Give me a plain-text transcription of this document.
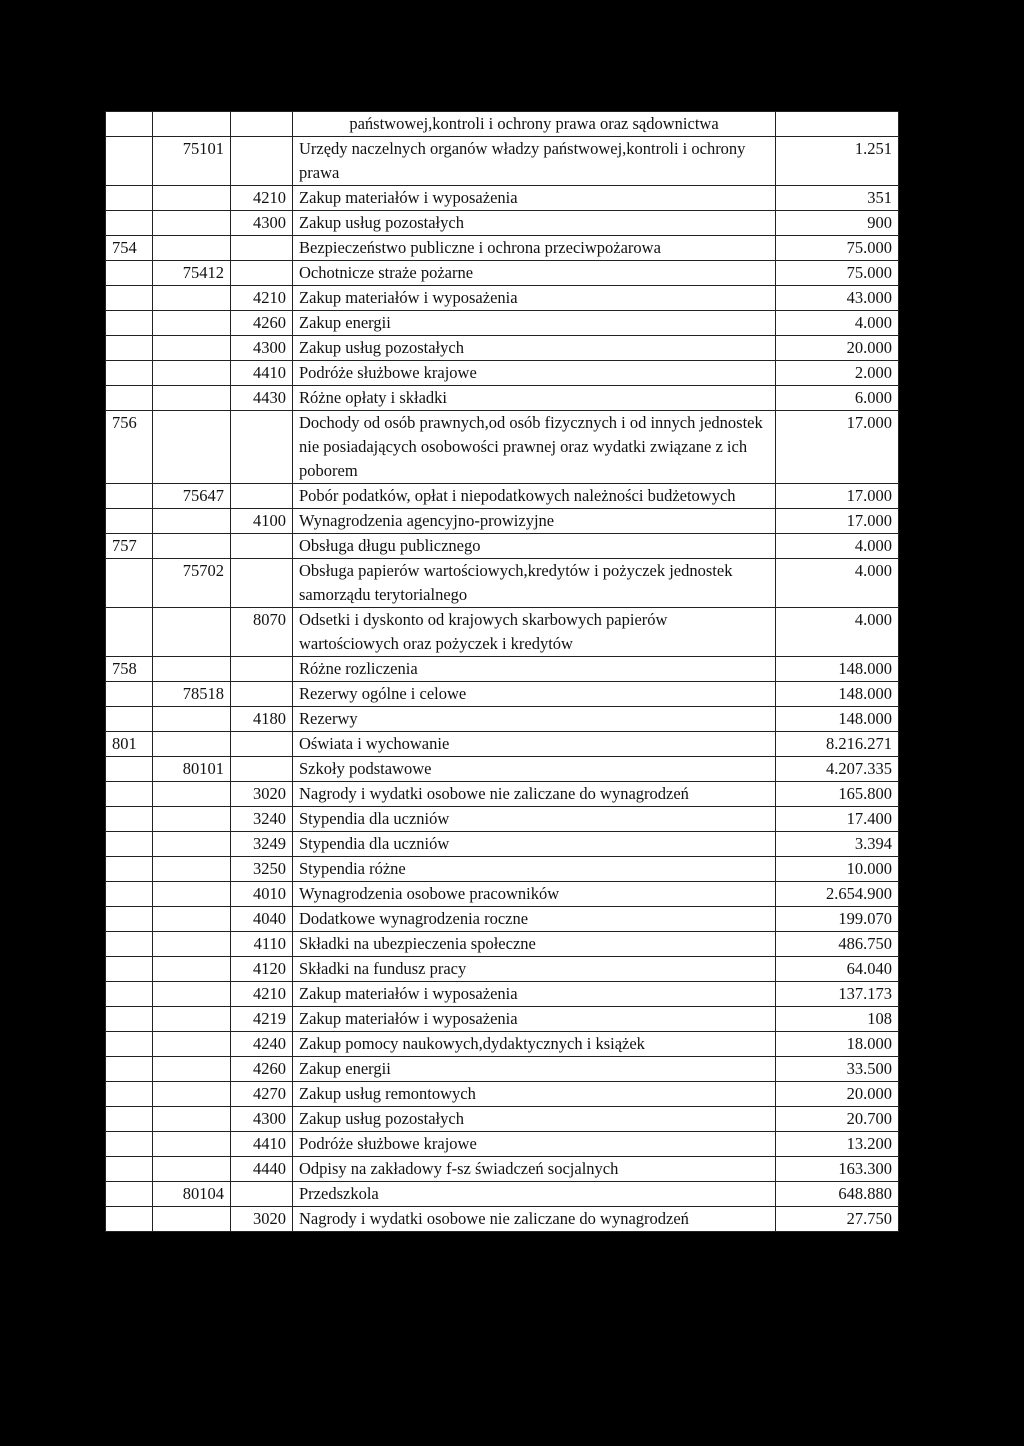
			państwowej,kontroli i ochrony prawa oraz sądownictwa	
	75101		Urzędy naczelnych organów władzy państwowej,kontroli i ochrony prawa	1.251
		4210	Zakup materiałów i wyposażenia	351
		4300	Zakup usług pozostałych	900
754			Bezpieczeństwo publiczne i ochrona przeciwpożarowa	75.000
	75412		Ochotnicze straże pożarne	75.000
		4210	Zakup materiałów i wyposażenia	43.000
		4260	Zakup energii	4.000
		4300	Zakup usług pozostałych	20.000
		4410	Podróże służbowe krajowe	2.000
		4430	Różne opłaty i składki	6.000
756			Dochody od osób prawnych,od osób fizycznych i od innych jednostek nie posiadających osobowości prawnej oraz wydatki związane z ich poborem	17.000
	75647		Pobór podatków, opłat i niepodatkowych należności budżetowych	17.000
		4100	Wynagrodzenia agencyjno-prowizyjne	17.000
757			Obsługa długu publicznego	4.000
	75702		Obsługa papierów wartościowych,kredytów i pożyczek jednostek samorządu terytorialnego	4.000
		8070	Odsetki i dyskonto od krajowych skarbowych papierów wartościowych oraz pożyczek i kredytów	4.000
758			Różne rozliczenia	148.000
	78518		Rezerwy ogólne i celowe	148.000
		4180	Rezerwy	148.000
801			Oświata i wychowanie	8.216.271
	80101		Szkoły podstawowe	4.207.335
		3020	Nagrody i wydatki osobowe nie zaliczane do wynagrodzeń	165.800
		3240	Stypendia dla uczniów	17.400
		3249	Stypendia dla uczniów	3.394
		3250	Stypendia różne	10.000
		4010	Wynagrodzenia osobowe pracowników	2.654.900
		4040	Dodatkowe wynagrodzenia roczne	199.070
		4110	Składki na ubezpieczenia społeczne	486.750
		4120	Składki na fundusz pracy	64.040
		4210	Zakup materiałów i wyposażenia	137.173
		4219	Zakup materiałów i wyposażenia	108
		4240	Zakup pomocy naukowych,dydaktycznych i książek	18.000
		4260	Zakup energii	33.500
		4270	Zakup usług remontowych	20.000
		4300	Zakup usług pozostałych	20.700
		4410	Podróże służbowe krajowe	13.200
		4440	Odpisy na zakładowy f-sz świadczeń socjalnych	163.300
	80104		Przedszkola	648.880
		3020	Nagrody i wydatki osobowe nie zaliczane do wynagrodzeń	27.750
